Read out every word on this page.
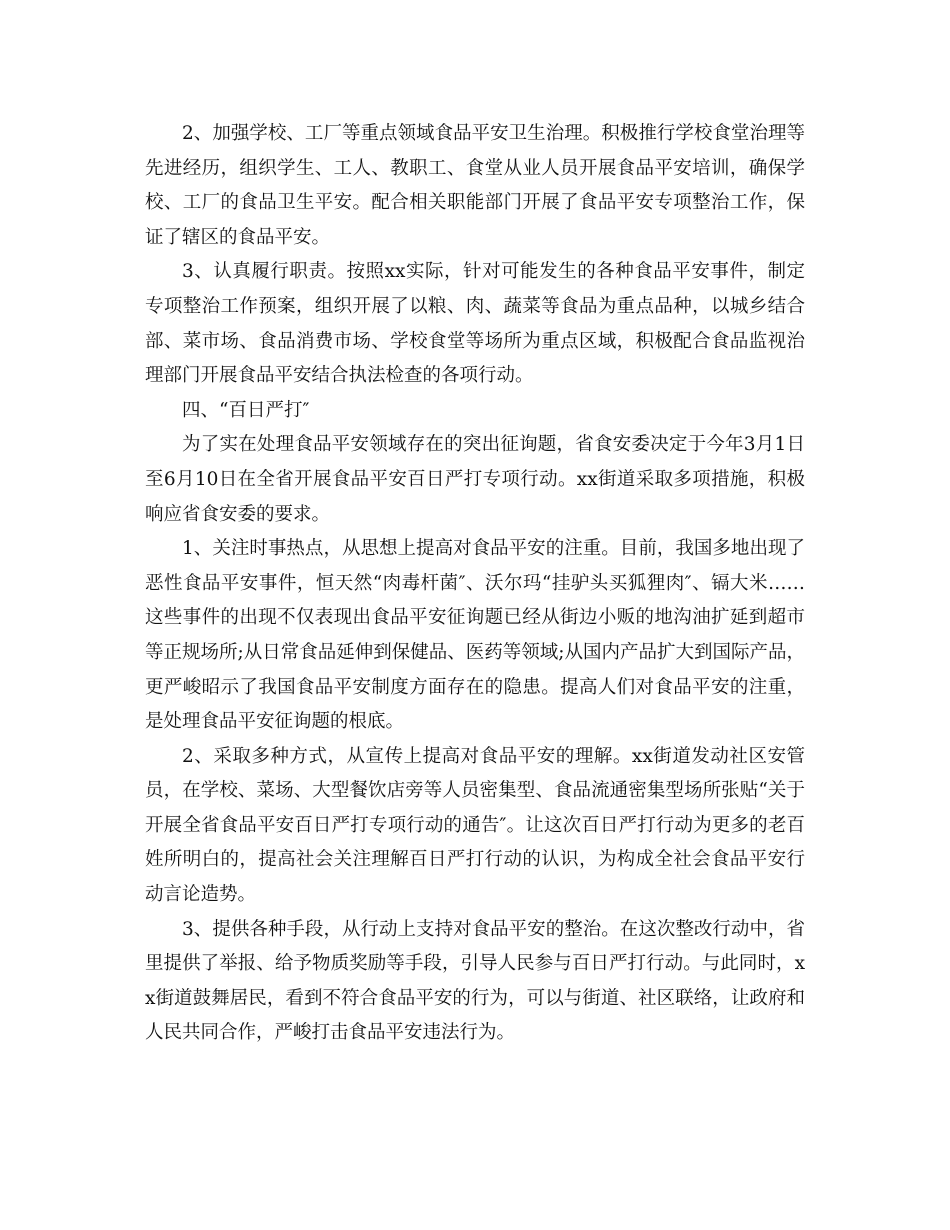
2、加强学校、工厂等重点领域食品平安卫生治理。积极推行学校食堂治理等先进经历，组织学生、工人、教职工、食堂从业人员开展食品平安培训，确保学校、工厂的食品卫生平安。配合相关职能部门开展了食品平安专项整治工作，保证了辖区的食品平安。

3、认真履行职责。按照xx实际，针对可能发生的各种食品平安事件，制定专项整治工作预案，组织开展了以粮、肉、蔬菜等食品为重点品种，以城乡结合部、菜市场、食品消费市场、学校食堂等场所为重点区域，积极配合食品监视治理部门开展食品平安结合执法检查的各项行动。

四、“百日严打″

为了实在处理食品平安领域存在的突出征询题，省食安委决定于今年3月1日至6月10日在全省开展食品平安百日严打专项行动。xx街道采取多项措施，积极响应省食安委的要求。

1、关注时事热点，从思想上提高对食品平安的注重。目前，我国多地出现了恶性食品平安事件，恒天然“肉毒杆菌″、沃尔玛“挂驴头买狐狸肉″、镉大米……这些事件的出现不仅表现出食品平安征询题已经从街边小贩的地沟油扩延到超市等正规场所;从日常食品延伸到保健品、医药等领域;从国内产品扩大到国际产品，更严峻昭示了我国食品平安制度方面存在的隐患。提高人们对食品平安的注重，是处理食品平安征询题的根底。

2、采取多种方式，从宣传上提高对食品平安的理解。xx街道发动社区安管员，在学校、菜场、大型餐饮店旁等人员密集型、食品流通密集型场所张贴“关于开展全省食品平安百日严打专项行动的通告″。让这次百日严打行动为更多的老百姓所明白的，提高社会关注理解百日严打行动的认识，为构成全社会食品平安行动言论造势。

3、提供各种手段，从行动上支持对食品平安的整治。在这次整改行动中，省里提供了举报、给予物质奖励等手段，引导人民参与百日严打行动。与此同时，xx街道鼓舞居民，看到不符合食品平安的行为，可以与街道、社区联络，让政府和人民共同合作，严峻打击食品平安违法行为。
